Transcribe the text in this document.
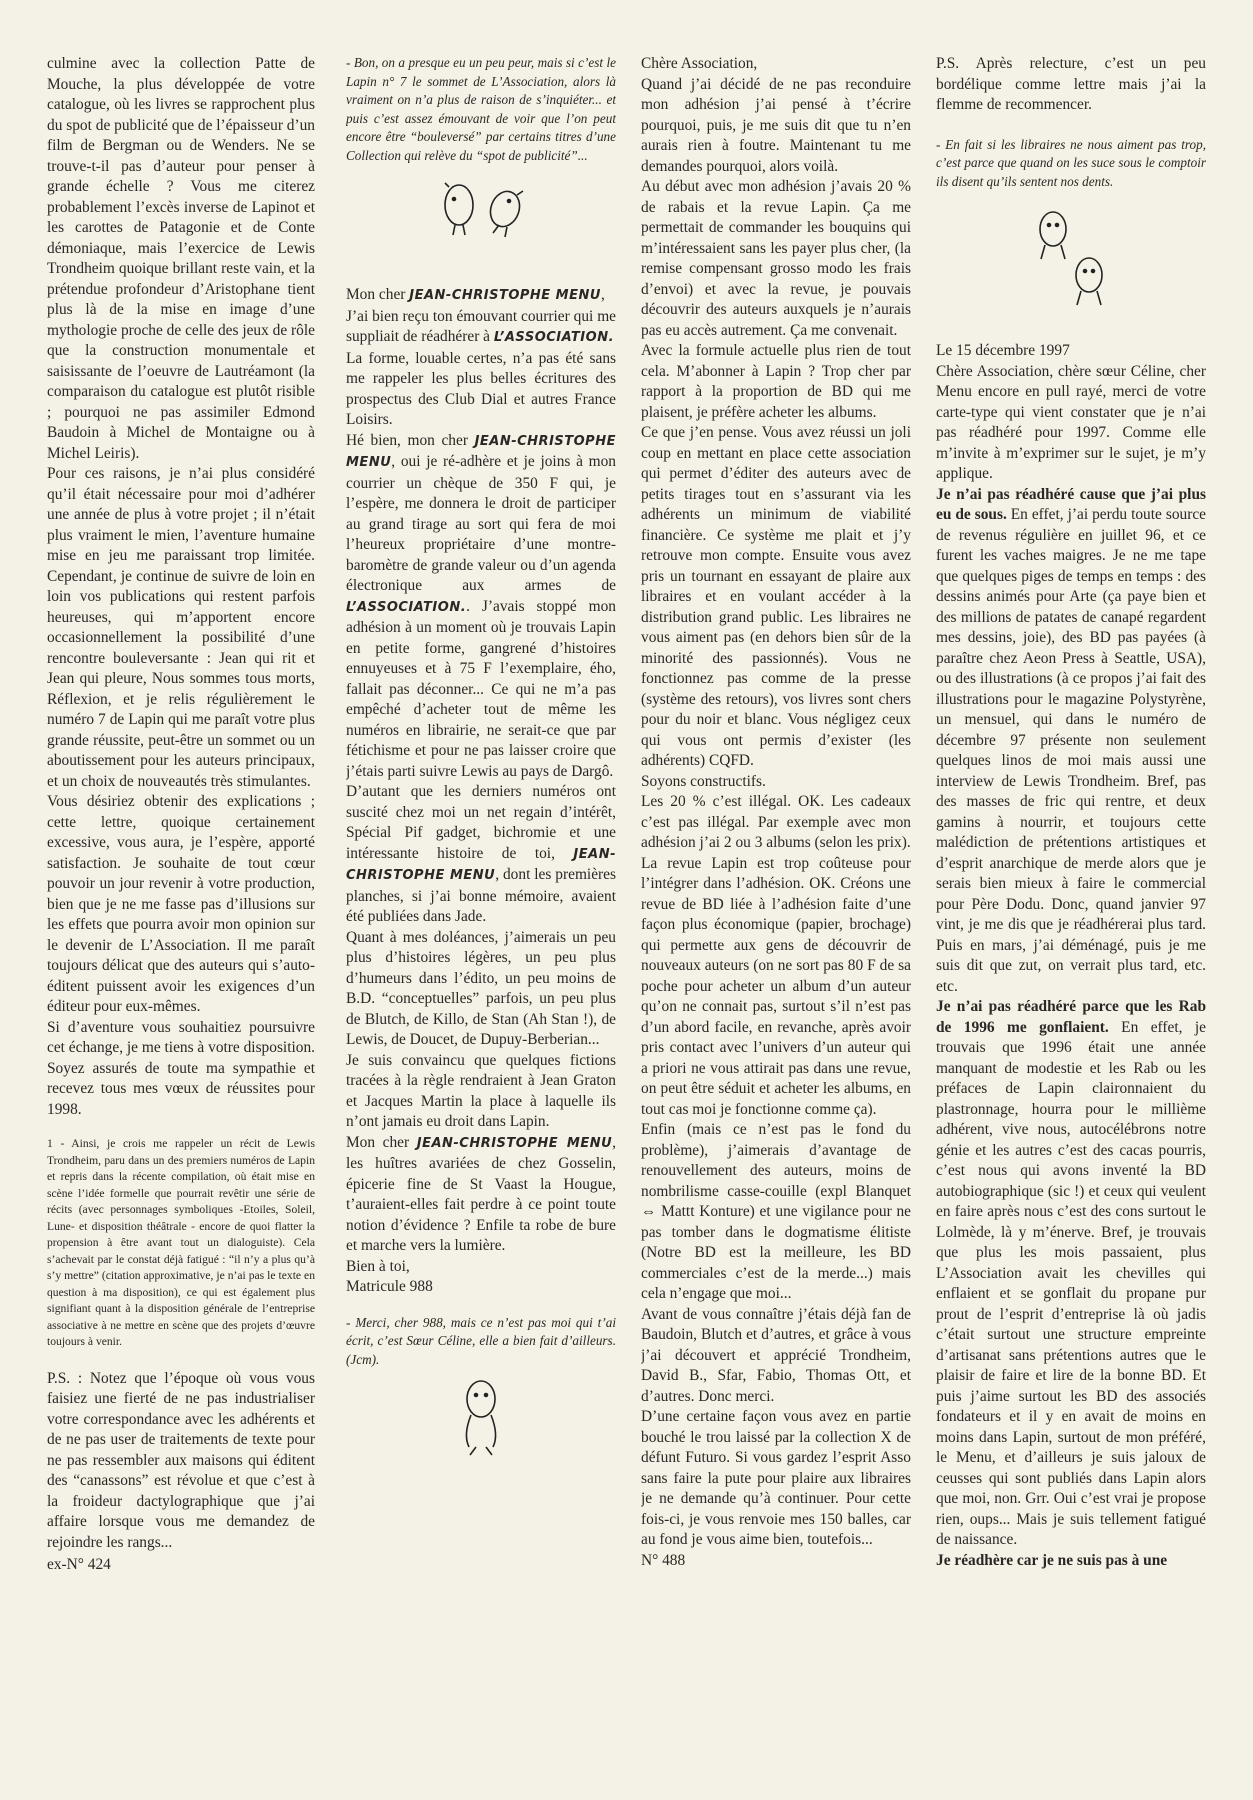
culmine avec la collection Patte de Mouche, la plus développée de votre catalogue, où les livres se rapprochent plus du spot de publicité que de l’épaisseur d’un film de Bergman ou de Wenders. Ne se trouve-t-il pas d’auteur pour penser à grande échelle ? Vous me citerez probablement l’excès inverse de Lapinot et les carottes de Patagonie et de Conte démoniaque, mais l’exercice de Lewis Trondheim quoique brillant reste vain, et la prétendue profondeur d’Aristophane tient plus là de la mise en image d’une mythologie proche de celle des jeux de rôle que la construction monumentale et saisissante de l’oeuvre de Lautréamont (la comparaison du catalogue est plutôt risible ; pourquoi ne pas assimiler Edmond Baudoin à Michel de Montaigne ou à Michel Leiris).

Pour ces raisons, je n’ai plus considéré qu’il était nécessaire pour moi d’adhérer une année de plus à votre projet ; il n’était plus vraiment le mien, l’aventure humaine mise en jeu me paraissant trop limitée. Cependant, je continue de suivre de loin en loin vos publications qui restent parfois heureuses, qui m’apportent encore occasionnellement la possibilité d’une rencontre bouleversante : Jean qui rit et Jean qui pleure, Nous sommes tous morts, Réflexion, et je relis régulièrement le numéro 7 de Lapin qui me paraît votre plus grande réussite, peut-être un sommet ou un aboutissement pour les auteurs principaux, et un choix de nouveautés très stimulantes.

Vous désiriez obtenir des explications ; cette lettre, quoique certainement excessive, vous aura, je l’espère, apporté satisfaction. Je souhaite de tout cœur pouvoir un jour revenir à votre production, bien que je ne me fasse pas d’illusions sur les effets que pourra avoir mon opinion sur le devenir de L’Association. Il me paraît toujours délicat que des auteurs qui s’auto-éditent puissent avoir les exigences d’un éditeur pour eux-mêmes.

Si d’aventure vous souhaitiez poursuivre cet échange, je me tiens à votre disposition. Soyez assurés de toute ma sympathie et recevez tous mes vœux de réussites pour 1998.

1 - Ainsi, je crois me rappeler un récit de Lewis Trondheim, paru dans un des premiers numéros de Lapin et repris dans la récente compilation, où était mise en scène l’idée formelle que pourrait revêtir une série de récits (avec personnages symboliques -Etoiles, Soleil, Lune- et disposition théâtrale - encore de quoi flatter la propension à être avant tout un dialoguiste). Cela s’achevait par le constat déjà fatigué : “il n’y a plus qu’à s’y mettre” (citation approximative, je n’ai pas le texte en question à ma disposition), ce qui est également plus signifiant quant à la disposition générale de l’entreprise associative à ne mettre en scène que des projets d’œuvre toujours à venir.

P.S. : Notez que l’époque où vous vous faisiez une fierté de ne pas industrialiser votre correspondance avec les adhérents et de ne pas user de traitements de texte pour ne pas ressembler aux maisons qui éditent des “canassons” est révolue et que c’est à la froideur dactylographique que j’ai affaire lorsque vous me demandez de rejoindre les rangs...

ex-N° 424

- Bon, on a presque eu un peu peur, mais si c’est le Lapin n° 7 le sommet de L’Association, alors là vraiment on n’a plus de raison de s’inquiéter... et puis c’est assez émouvant de voir que l’on peut encore être “bouleversé” par certains titres d’une Collection qui relève du “spot de publicité”...

Mon cher JEAN-CHRISTOPHE MENU,

J’ai bien reçu ton émouvant courrier qui me suppliait de réadhérer à L’ASSOCIATION.

La forme, louable certes, n’a pas été sans me rappeler les plus belles écritures des prospectus des Club Dial et autres France Loisirs.

Hé bien, mon cher JEAN-CHRISTOPHE MENU, oui je ré-adhère et je joins à mon courrier un chèque de 350 F qui, je l’espère, me donnera le droit de participer au grand tirage au sort qui fera de moi l’heureux propriétaire d’une montre-baromètre de grande valeur ou d’un agenda électronique aux armes de L’ASSOCIATION.. J’avais stoppé mon adhésion à un moment où je trouvais Lapin en petite forme, gangrené d’histoires ennuyeuses et à 75 F l’exemplaire, ého, fallait pas déconner... Ce qui ne m’a pas empêché d’acheter tout de même les numéros en librairie, ne serait-ce que par fétichisme et pour ne pas laisser croire que j’étais parti suivre Lewis au pays de Dargô.

D’autant que les derniers numéros ont suscité chez moi un net regain d’intérêt, Spécial Pif gadget, bichromie et une intéressante histoire de toi, JEAN-CHRISTOPHE MENU, dont les premières planches, si j’ai bonne mémoire, avaient été publiées dans Jade.

Quant à mes doléances, j’aimerais un peu plus d’histoires légères, un peu plus d’humeurs dans l’édito, un peu moins de B.D. “conceptuelles” parfois, un peu plus de Blutch, de Killo, de Stan (Ah Stan !), de Lewis, de Doucet, de Dupuy-Berberian...

Je suis convaincu que quelques fictions tracées à la règle rendraient à Jean Graton et Jacques Martin la place à laquelle ils n’ont jamais eu droit dans Lapin.

Mon cher JEAN-CHRISTOPHE MENU, les huîtres avariées de chez Gosselin, épicerie fine de St Vaast la Hougue, t’auraient-elles fait perdre à ce point toute notion d’évidence ? Enfile ta robe de bure et marche vers la lumière.

Bien à toi,

Matricule 988

- Merci, cher 988, mais ce n’est pas moi qui t’ai écrit, c’est Sœur Céline, elle a bien fait d’ailleurs. (Jcm).

Chère Association,

Quand j’ai décidé de ne pas reconduire mon adhésion j’ai pensé à t’écrire pourquoi, puis, je me suis dit que tu n’en aurais rien à foutre. Maintenant tu me demandes pourquoi, alors voilà.

Au début avec mon adhésion j’avais 20 % de rabais et la revue Lapin. Ça me permettait de commander les bouquins qui m’intéressaient sans les payer plus cher, (la remise compensant grosso modo les frais d’envoi) et avec la revue, je pouvais découvrir des auteurs auxquels je n’aurais pas eu accès autrement. Ça me convenait.

Avec la formule actuelle plus rien de tout cela. M’abonner à Lapin ? Trop cher par rapport à la proportion de BD qui me plaisent, je préfère acheter les albums.

Ce que j’en pense. Vous avez réussi un joli coup en mettant en place cette association qui permet d’éditer des auteurs avec de petits tirages tout en s’assurant via les adhérents un minimum de viabilité financière. Ce système me plait et j’y retrouve mon compte. Ensuite vous avez pris un tournant en essayant de plaire aux libraires et en voulant accéder à la distribution grand public. Les libraires ne vous aiment pas (en dehors bien sûr de la minorité des passionnés). Vous ne fonctionnez pas comme de la presse (système des retours), vos livres sont chers pour du noir et blanc. Vous négligez ceux qui vous ont permis d’exister (les adhérents) CQFD.

Soyons constructifs.

Les 20 % c’est illégal. OK. Les cadeaux c’est pas illégal. Par exemple avec mon adhésion j’ai 2 ou 3 albums (selon les prix).

La revue Lapin est trop coûteuse pour l’intégrer dans l’adhésion. OK. Créons une revue de BD liée à l’adhésion faite d’une façon plus économique (papier, brochage) qui permette aux gens de découvrir de nouveaux auteurs (on ne sort pas 80 F de sa poche pour acheter un album d’un auteur qu’on ne connait pas, surtout s’il n’est pas d’un abord facile, en revanche, après avoir pris contact avec l’univers d’un auteur qui a priori ne vous attirait pas dans une revue, on peut être séduit et acheter les albums, en tout cas moi je fonctionne comme ça).

Enfin (mais ce n’est pas le fond du problème), j’aimerais d’avantage de renouvellement des auteurs, moins de nombrilisme casse-couille (expl Blanquet ⇔ Mattt Konture) et une vigilance pour ne pas tomber dans le dogmatisme élitiste (Notre BD est la meilleure, les BD commerciales c’est de la merde...) mais cela n’engage que moi...

Avant de vous connaître j’étais déjà fan de Baudoin, Blutch et d’autres, et grâce à vous j’ai découvert et apprécié Trondheim, David B., Sfar, Fabio, Thomas Ott, et d’autres. Donc merci.

D’une certaine façon vous avez en partie bouché le trou laissé par la collection X de défunt Futuro. Si vous gardez l’esprit Asso sans faire la pute pour plaire aux libraires je ne demande qu’à continuer. Pour cette fois-ci, je vous renvoie mes 150 balles, car au fond je vous aime bien, toutefois...

N° 488

P.S. Après relecture, c’est un peu bordélique comme lettre mais j’ai la flemme de recommencer.

- En fait si les libraires ne nous aiment pas trop, c’est parce que quand on les suce sous le comptoir ils disent qu’ils sentent nos dents.

Le 15 décembre 1997

Chère Association, chère sœur Céline, cher Menu encore en pull rayé, merci de votre carte-type qui vient constater que je n’ai pas réadhéré pour 1997. Comme elle m’invite à m’exprimer sur le sujet, je m’y applique.

Je n’ai pas réadhéré cause que j’ai plus eu de sous. En effet, j’ai perdu toute source de revenus régulière en juillet 96, et ce furent les vaches maigres. Je ne me tape que quelques piges de temps en temps : des dessins animés pour Arte (ça paye bien et des millions de patates de canapé regardent mes dessins, joie), des BD pas payées (à paraître chez Aeon Press à Seattle, USA), ou des illustrations (à ce propos j’ai fait des illustrations pour le magazine Polystyrène, un mensuel, qui dans le numéro de décembre 97 présente non seulement quelques linos de moi mais aussi une interview de Lewis Trondheim. Bref, pas des masses de fric qui rentre, et deux gamins à nourrir, et toujours cette malédiction de prétentions artistiques et d’esprit anarchique de merde alors que je serais bien mieux à faire le commercial pour Père Dodu. Donc, quand janvier 97 vint, je me dis que je réadhérerai plus tard. Puis en mars, j’ai déménagé, puis je me suis dit que zut, on verrait plus tard, etc. etc.

Je n’ai pas réadhéré parce que les Rab de 1996 me gonflaient. En effet, je trouvais que 1996 était une année manquant de modestie et les Rab ou les préfaces de Lapin claironnaient du plastronnage, hourra pour le millième adhérent, vive nous, autocélébrons notre génie et les autres c’est des cacas pourris, c’est nous qui avons inventé la BD autobiographique (sic !) et ceux qui veulent en faire après nous c’est des cons surtout le Lolmède, là y m’énerve. Bref, je trouvais que plus les mois passaient, plus L’Association avait les chevilles qui enflaient et se gonflait du propane pur prout de l’esprit d’entreprise là où jadis c’était surtout une structure empreinte d’artisanat sans prétentions autres que le plaisir de faire et lire de la bonne BD. Et puis j’aime surtout les BD des associés fondateurs et il y en avait de moins en moins dans Lapin, surtout de mon préféré, le Menu, et d’ailleurs je suis jaloux de ceusses qui sont publiés dans Lapin alors que moi, non. Grr. Oui c’est vrai je propose rien, oups... Mais je suis tellement fatigué de naissance.

Je réadhère car je ne suis pas à une
